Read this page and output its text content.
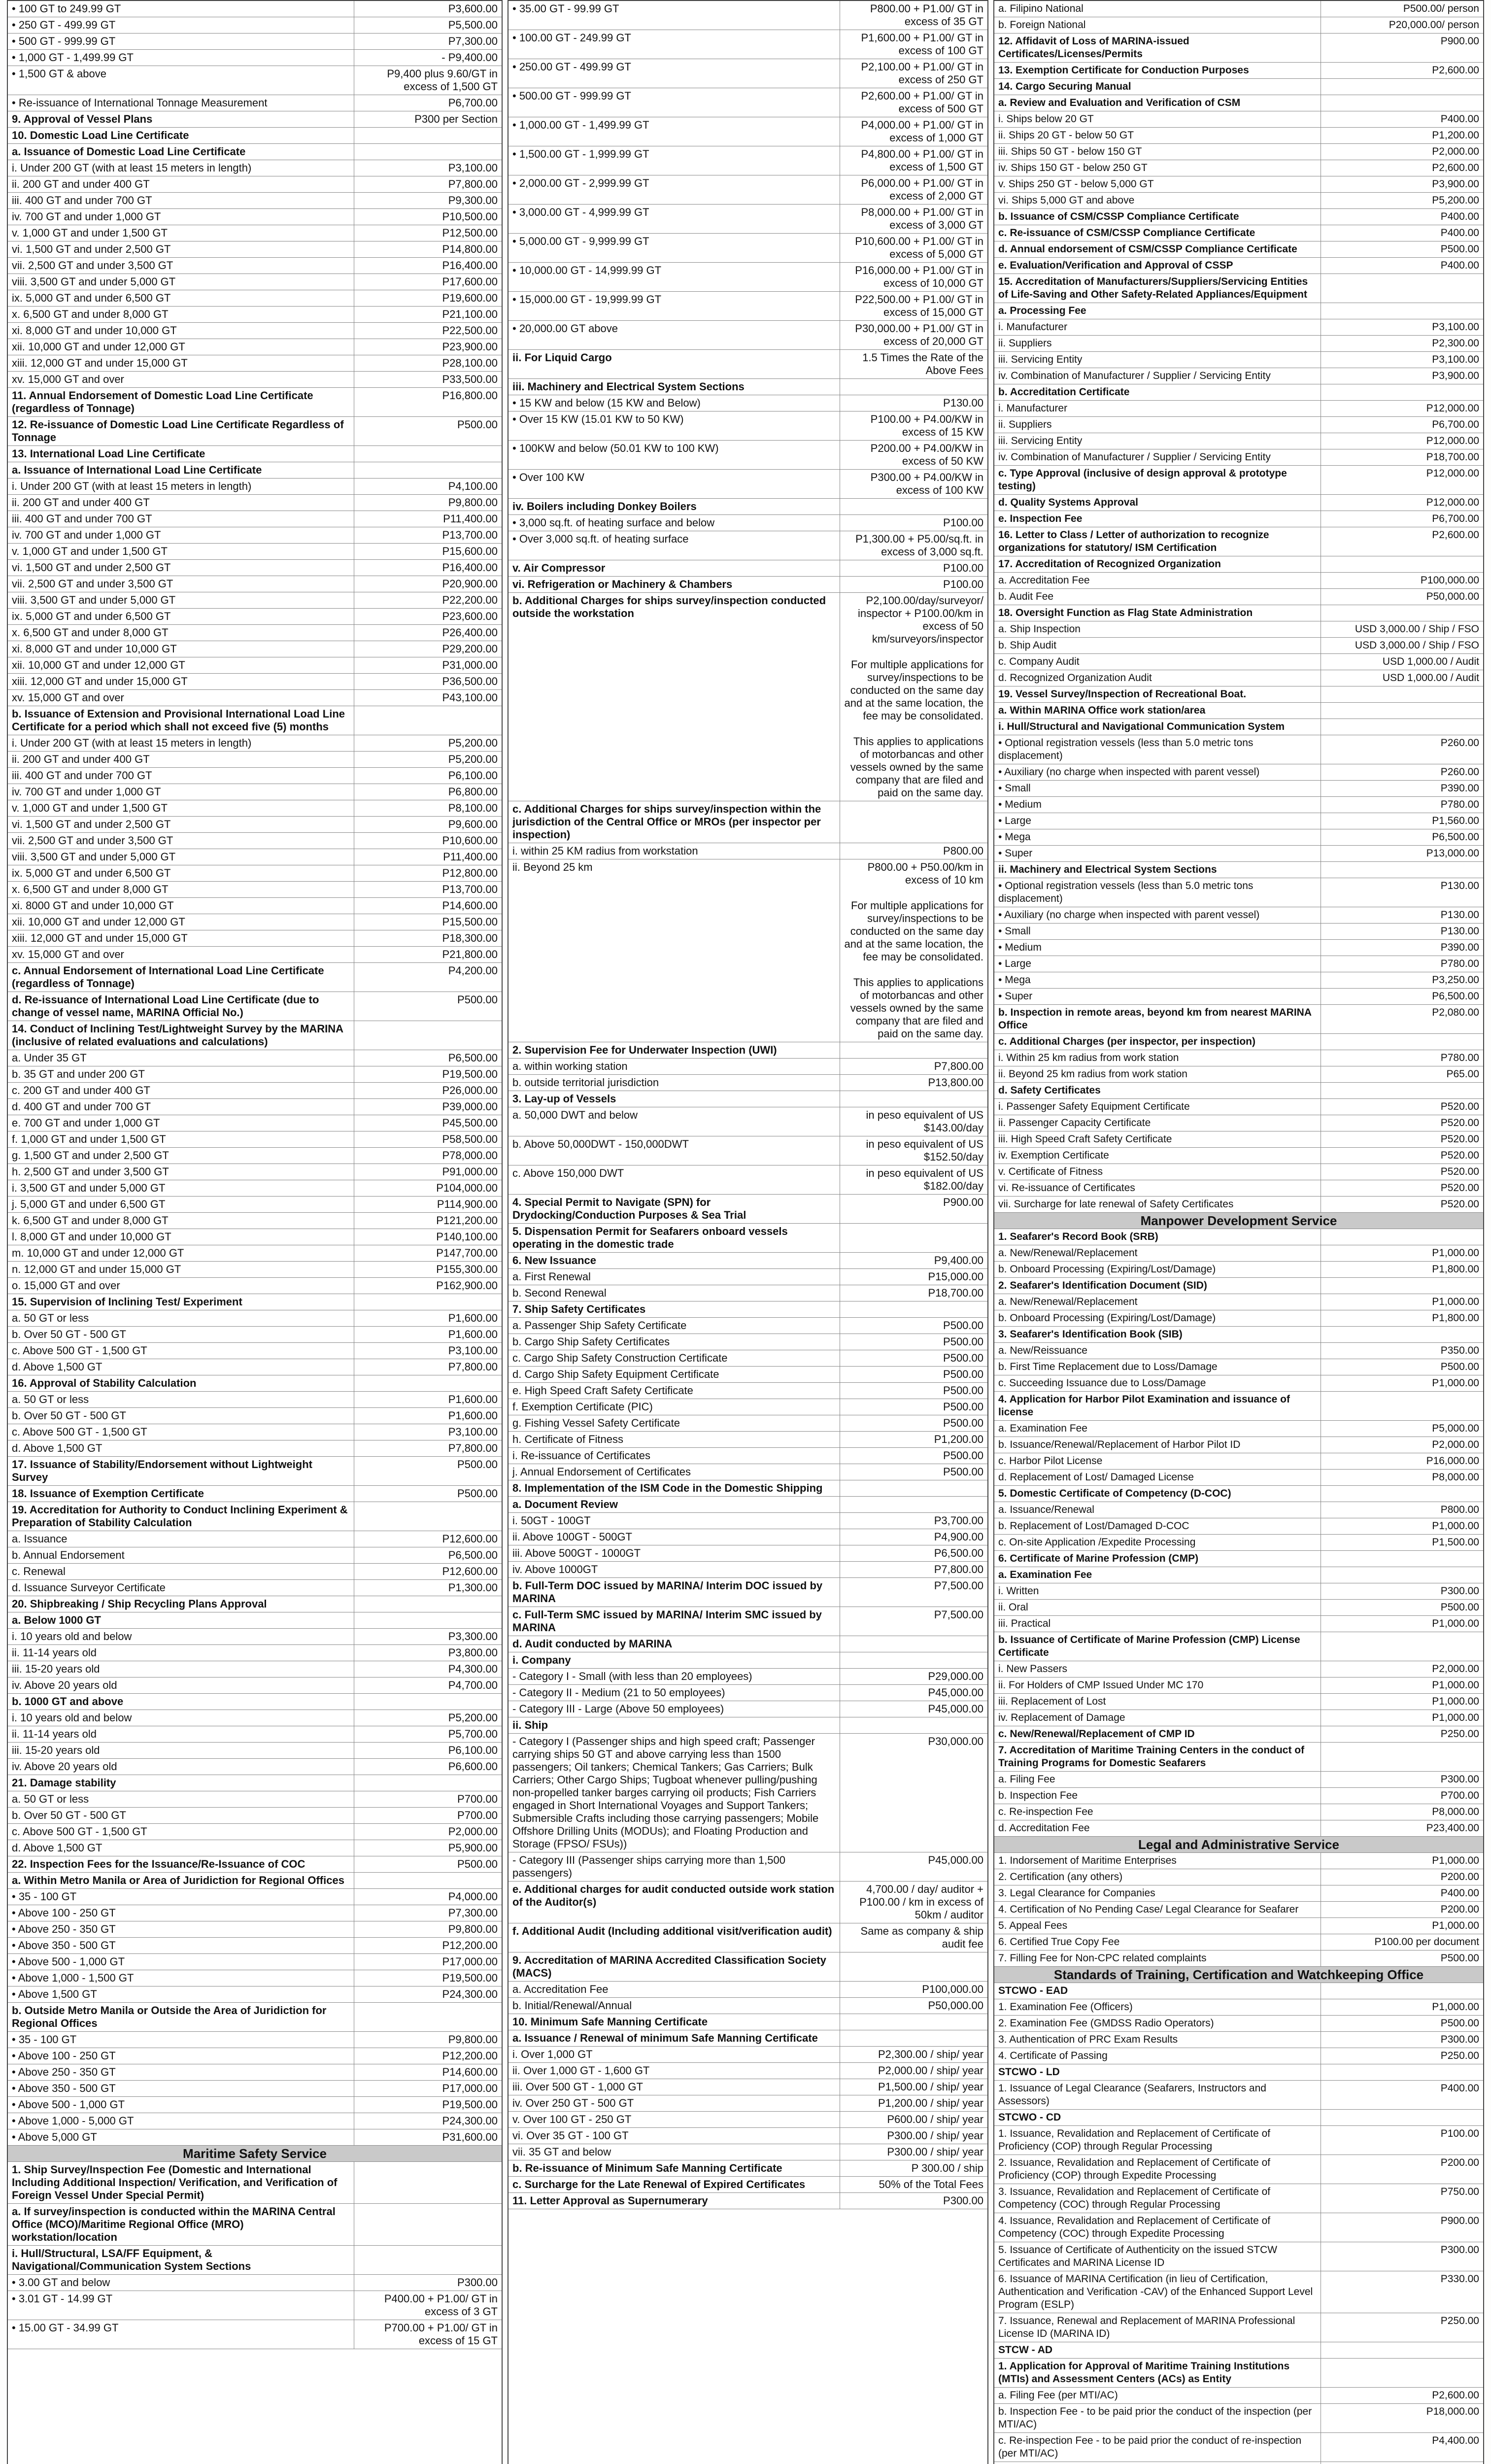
• 100 GT to 249.99 GT	P3,600.00
• 250 GT - 499.99 GT	P5,500.00
• 500 GT - 999.99 GT	P7,300.00
• 1,000 GT - 1,499.99 GT	- P9,400.00
• 1,500 GT & above	P9,400 plus 9.60/GT in excess of 1,500 GT
• Re-issuance of International Tonnage Measurement	P6,700.00
9. Approval of Vessel Plans	P300 per Section
10. Domestic Load Line Certificate
a. Issuance of Domestic Load Line Certificate
i. Under 200 GT (with at least 15 meters in length)	P3,100.00
ii. 200 GT and under 400 GT	P7,800.00
iii. 400 GT and under 700 GT	P9,300.00
iv. 700 GT and under 1,000 GT	P10,500.00
v. 1,000 GT and under 1,500 GT	P12,500.00
vi. 1,500 GT and under 2,500 GT	P14,800.00
vii. 2,500 GT and under 3,500 GT	P16,400.00
viii. 3,500 GT and under 5,000 GT	P17,600.00
ix. 5,000 GT and under 6,500 GT	P19,600.00
x. 6,500 GT and under 8,000 GT	P21,100.00
xi. 8,000 GT and under 10,000 GT	P22,500.00
xii. 10,000 GT and under 12,000 GT	P23,900.00
xiii. 12,000 GT and under 15,000 GT	P28,100.00
xv. 15,000 GT and over	P33,500.00
11. Annual Endorsement of Domestic Load Line Certificate (regardless of Tonnage)
P16,800.00
12. Re-issuance of Domestic Load Line Certificate Regardless of Tonnage
P500.00
13. International Load Line Certificate
a. Issuance of International Load Line Certificate
i. Under 200 GT (with at least 15 meters in length)	P4,100.00
ii. 200 GT and under 400 GT	P9,800.00
iii. 400 GT and under 700 GT	P11,400.00
iv. 700 GT and under 1,000 GT	P13,700.00
v. 1,000 GT and under 1,500 GT	P15,600.00
vi. 1,500 GT and under 2,500 GT	P16,400.00
vii. 2,500 GT and under 3,500 GT	P20,900.00
viii. 3,500 GT and under 5,000 GT	P22,200.00
ix. 5,000 GT and under 6,500 GT	P23,600.00
x. 6,500 GT and under 8,000 GT	P26,400.00
xi. 8,000 GT and under 10,000 GT	P29,200.00
xii. 10,000 GT and under 12,000 GT	P31,000.00
xiii. 12,000 GT and under 15,000 GT	P36,500.00
xv. 15,000 GT and over	P43,100.00
b. Issuance of Extension and Provisional International Load Line Certificate for a period which shall not exceed five (5) months
i. Under 200 GT (with at least 15 meters in length)	P5,200.00
ii. 200 GT and under 400 GT	P5,200.00
iii. 400 GT and under 700 GT	P6,100.00
iv. 700 GT and under 1,000 GT	P6,800.00
v. 1,000 GT and under 1,500 GT	P8,100.00
vi. 1,500 GT and under 2,500 GT	P9,600.00
vii. 2,500 GT and under 3,500 GT	P10,600.00
viii. 3,500 GT and under 5,000 GT	P11,400.00
ix. 5,000 GT and under 6,500 GT	P12,800.00
x. 6,500 GT and under 8,000 GT	P13,700.00
xi. 8000 GT and under 10,000 GT	P14,600.00
xii. 10,000 GT and under 12,000 GT	P15,500.00
xiii. 12,000 GT and under 15,000 GT	P18,300.00
xv. 15,000 GT and over	P21,800.00
c. Annual Endorsement of International Load Line Certificate (regardless of Tonnage)
P4,200.00
d. Re-issuance of International Load Line Certificate (due to change of vessel name, MARINA Official No.)
P500.00
14. Conduct of Inclining Test/Lightweight Survey by the MARINA (inclusive of related evaluations and calculations)
a. Under 35 GT	P6,500.00
b. 35 GT and under 200 GT	P19,500.00
c. 200 GT and under 400 GT	P26,000.00
d. 400 GT and under 700 GT	P39,000.00
e. 700 GT and under 1,000 GT	P45,500.00
f. 1,000 GT and under 1,500 GT	P58,500.00
g. 1,500 GT and under 2,500 GT	P78,000.00
h. 2,500 GT and under 3,500 GT	P91,000.00
i. 3,500 GT and under 5,000 GT	P104,000.00
j. 5,000 GT and under 6,500 GT	P114,900.00
k. 6,500 GT and under 8,000 GT	P121,200.00
l. 8,000 GT and under 10,000 GT	P140,100.00
m. 10,000 GT and under 12,000 GT	P147,700.00
n. 12,000 GT and under 15,000 GT	P155,300.00
o. 15,000 GT and over	P162,900.00
15. Supervision of Inclining Test/ Experiment
a. 50 GT or less	P1,600.00
b. Over 50 GT - 500 GT	P1,600.00
c. Above 500 GT - 1,500 GT	P3,100.00
d. Above 1,500 GT	P7,800.00
16. Approval of Stability Calculation
a. 50 GT or less	P1,600.00
b. Over 50 GT - 500 GT	P1,600.00
c. Above 500 GT - 1,500 GT	P3,100.00
d. Above 1,500 GT	P7,800.00
17. Issuance of Stability/Endorsement without Lightweight Survey
P500.00
18. Issuance of Exemption Certificate	P500.00
19. Accreditation for Authority to Conduct Inclining Experiment & Preparation of Stability Calculation
a. Issuance	P12,600.00
b. Annual Endorsement	P6,500.00
c. Renewal	P12,600.00
d. Issuance Surveyor Certificate	P1,300.00
20. Shipbreaking / Ship Recycling Plans Approval
a. Below 1000 GT
i. 10 years old and below	P3,300.00
ii. 11-14 years old	P3,800.00
iii. 15-20 years old	P4,300.00
iv. Above 20 years old	P4,700.00
b. 1000 GT and above
i. 10 years old and below	P5,200.00
ii. 11-14 years old	P5,700.00
iii. 15-20 years old	P6,100.00
iv. Above 20 years old	P6,600.00
21. Damage stability
a. 50 GT or less	P700.00
b. Over 50 GT - 500 GT	P700.00
c. Above 500 GT - 1,500 GT	P2,000.00
d. Above 1,500 GT	P5,900.00
22. Inspection Fees for the Issuance/Re-Issuance of COC	P500.00
a. Within Metro Manila or Area of Juridiction for Regional Offices
• 35 - 100 GT	P4,000.00
• Above 100 - 250 GT	P7,300.00
• Above 250 - 350 GT	P9,800.00
• Above 350 - 500 GT	P12,200.00
• Above 500 - 1,000 GT	P17,000.00
• Above 1,000 - 1,500 GT	P19,500.00
• Above 1,500 GT	P24,300.00
b. Outside Metro Manila or Outside the Area of Juridiction for Regional Offices
• 35 - 100 GT	P9,800.00
• Above 100 - 250 GT	P12,200.00
• Above 250 - 350 GT	P14,600.00
• Above 350 - 500 GT	P17,000.00
• Above 500 - 1,000 GT	P19,500.00
• Above 1,000 - 5,000 GT	P24,300.00
• Above 5,000 GT	P31,600.00
Maritime Safety Service
1. Ship Survey/Inspection Fee (Domestic and International Including Additional Inspection/ Verification, and Verification of Foreign Vessel Under Special Permit)
a. If survey/inspection is conducted within the MARINA Central Office (MCO)/Maritime Regional Office (MRO) workstation/location
i. Hull/Structural, LSA/FF Equipment, & Navigational/Communication System Sections
• 3.00 GT and below	P300.00
• 3.01 GT - 14.99 GT	P400.00 + P1.00/ GT in excess of 3 GT
• 15.00 GT - 34.99 GT	P700.00 + P1.00/ GT in excess of 15 GT
• 35.00 GT - 99.99 GT	P800.00 + P1.00/ GT in excess of 35 GT
• 100.00 GT - 249.99 GT	P1,600.00 + P1.00/ GT in excess of 100 GT
• 250.00 GT - 499.99 GT	P2,100.00 + P1.00/ GT in excess of 250 GT
• 500.00 GT - 999.99 GT	P2,600.00 + P1.00/ GT in excess of 500 GT
• 1,000.00 GT - 1,499.99 GT	P4,000.00 + P1.00/ GT in excess of 1,000 GT
• 1,500.00 GT - 1,999.99 GT	P4,800.00 + P1.00/ GT in excess of 1,500 GT
• 2,000.00 GT - 2,999.99 GT	P6,000.00 + P1.00/ GT in excess of 2,000 GT
• 3,000.00 GT - 4,999.99 GT	P8,000.00 + P1.00/ GT in excess of 3,000 GT
• 5,000.00 GT - 9,999.99 GT	P10,600.00 + P1.00/ GT in excess of 5,000 GT
• 10,000.00 GT - 14,999.99 GT	P16,000.00 + P1.00/ GT in excess of 10,000 GT
• 15,000.00 GT - 19,999.99 GT	P22,500.00 + P1.00/ GT in excess of 15,000 GT
• 20,000.00 GT above	P30,000.00 + P1.00/ GT in excess of 20,000 GT
ii. For Liquid Cargo	1.5 Times the Rate of the Above Fees
iii. Machinery and Electrical System Sections
• 15 KW and below (15 KW and Below)	P130.00
• Over 15 KW (15.01 KW to 50 KW)	P100.00 + P4.00/KW in excess of 15 KW
• 100KW and below (50.01 KW to 100 KW)	P200.00 + P4.00/KW in excess of 50 KW
• Over 100 KW	P300.00 + P4.00/KW in excess of 100 KW
iv. Boilers including Donkey Boilers
• 3,000 sq.ft. of heating surface and below	P100.00
• Over 3,000 sq.ft. of heating surface	P1,300.00 + P5.00/sq.ft. in excess of 3,000 sq.ft.
v. Air Compressor	P100.00
vi. Refrigeration or Machinery & Chambers	P100.00
b. Additional Charges for ships survey/inspection conducted outside the workstation
P2,100.00/day/surveyor/ inspector + P100.00/km in excess of 50 km/surveyors/inspector

For multiple applications for survey/inspections to be conducted on the same day and at the same location, the fee may be consolidated.

This applies to applications of motorbancas and other vessels owned by the same company that are filed and paid on the same day.
c. Additional Charges for ships survey/inspection within the jurisdiction of the Central Office or MROs (per inspector per inspection)
i. within 25 KM radius from workstation	P800.00
ii. Beyond 25 km	P800.00 + P50.00/km in excess of 10 km

For multiple applications for survey/inspections to be conducted on the same day and at the same location, the fee may be consolidated.

This applies to applications of motorbancas and other vessels owned by the same company that are filed and paid on the same day.
2. Supervision Fee for Underwater Inspection (UWI)
a. within working station	P7,800.00
b. outside territorial jurisdiction	P13,800.00
3. Lay-up of Vessels
a. 50,000 DWT and below	in peso equivalent of US $143.00/day
b. Above 50,000DWT - 150,000DWT	in peso equivalent of US $152.50/day
c. Above 150,000 DWT	in peso equivalent of US $182.00/day
4. Special Permit to Navigate (SPN) for Drydocking/Conduction Purposes & Sea Trial
P900.00
5. Dispensation Permit for Seafarers onboard vessels operating in the domestic trade
6. New Issuance	P9,400.00
a. First Renewal	P15,000.00
b. Second Renewal	P18,700.00
7. Ship Safety Certificates
a. Passenger Ship Safety Certificate	P500.00
b. Cargo Ship Safety Certificates	P500.00
c. Cargo Ship Safety Construction Certificate	P500.00
d. Cargo Ship Safety Equipment Certificate	P500.00
e. High Speed Craft Safety Certificate	P500.00
f. Exemption Certificate (PIC)	P500.00
g. Fishing Vessel Safety Certificate	P500.00
h. Certificate of Fitness	P1,200.00
i. Re-issuance of Certificates	P500.00
j. Annual Endorsement of Certificates	P500.00
8. Implementation of the ISM Code in the Domestic Shipping
a. Document Review
i. 50GT - 100GT	P3,700.00
ii. Above 100GT - 500GT	P4,900.00
iii. Above 500GT - 1000GT	P6,500.00
iv. Above 1000GT	P7,800.00
b. Full-Term DOC issued by MARINA/ Interim DOC issued by MARINA
P7,500.00
c. Full-Term SMC issued by MARINA/ Interim SMC issued by MARINA
P7,500.00
d. Audit conducted by MARINA
i. Company
- Category I - Small (with less than 20 employees)	P29,000.00
- Category II - Medium (21 to 50 employees)	P45,000.00
- Category III - Large (Above 50 employees)	P45,000.00
ii. Ship
- Category I (Passenger ships and high speed craft; Passenger carrying ships 50 GT and above carrying less than 1500 passengers; Oil tankers; Chemical Tankers; Gas Carriers; Bulk Carriers; Other Cargo Ships; Tugboat whenever pulling/pushing non-propelled tanker barges carrying oil products; Fish Carriers engaged in Short International Voyages and Support Tankers; Submersible Crafts including those carrying passengers; Mobile Offshore Drilling Units (MODUs); and Floating Production and Storage (FPSO/ FSUs))
P30,000.00
- Category III (Passenger ships carrying more than 1,500 passengers)
P45,000.00
e. Additional charges for audit conducted outside work station of the Auditor(s)
4,700.00 / day/ auditor + P100.00 / km in excess of 50km / auditor
f. Additional Audit (Including additional visit/verification audit)	Same as company & ship audit fee
9. Accreditation of MARINA Accredited Classification Society (MACS)
a. Accreditation Fee	P100,000.00
b. Initial/Renewal/Annual	P50,000.00
10. Minimum Safe Manning Certificate
a. Issuance / Renewal of minimum Safe Manning Certificate
i. Over 1,000 GT	P2,300.00 / ship/ year
ii. Over 1,000 GT - 1,600 GT	P2,000.00 / ship/ year
iii. Over 500 GT - 1,000 GT	P1,500.00 / ship/ year
iv. Over 250 GT - 500 GT	P1,200.00 / ship/ year
v. Over 100 GT - 250 GT	P600.00 / ship/ year
vi. Over 35 GT - 100 GT	P300.00 / ship/ year
vii. 35 GT and below	P300.00 / ship/ year
b. Re-issuance of Minimum Safe Manning Certificate	P 300.00 / ship
c. Surcharge for the Late Renewal of Expired Certificates	50% of the Total Fees
11. Letter Approval as Supernumerary	P300.00
a. Filipino National	P500.00/ person
b. Foreign National	P20,000.00/ person
12. Affidavit of Loss of MARINA-issued Certificates/Licenses/Permits
P900.00
13. Exemption Certificate for Conduction Purposes	P2,600.00
14. Cargo Securing Manual
a. Review and Evaluation and Verification of CSM
i. Ships below 20 GT	P400.00
ii. Ships 20 GT - below 50 GT	P1,200.00
iii. Ships 50 GT - below 150 GT	P2,000.00
iv. Ships 150 GT - below 250 GT	P2,600.00
v. Ships 250 GT - below 5,000 GT	P3,900.00
vi. Ships 5,000 GT and above	P5,200.00
b. Issuance of CSM/CSSP Compliance Certificate	P400.00
c. Re-issuance of CSM/CSSP Compliance Certificate	P400.00
d. Annual endorsement of CSM/CSSP Compliance Certificate	P500.00
e. Evaluation/Verification and Approval of CSSP	P400.00
15. Accreditation of Manufacturers/Suppliers/Servicing Entities of Life-Saving and Other Safety-Related Appliances/Equipment
a. Processing Fee
i. Manufacturer	P3,100.00
ii. Suppliers	P2,300.00
iii. Servicing Entity	P3,100.00
iv. Combination of Manufacturer / Supplier / Servicing Entity	P3,900.00
b. Accreditation Certificate
i. Manufacturer	P12,000.00
ii. Suppliers	P6,700.00
iii. Servicing Entity	P12,000.00
iv. Combination of Manufacturer / Supplier / Servicing Entity	P18,700.00
c. Type Approval (inclusive of design approval & prototype testing)
P12,000.00
d. Quality Systems Approval	P12,000.00
e. Inspection Fee	P6,700.00
16. Letter to Class / Letter of authorization to recognize organizations for statutory/ ISM Certification
P2,600.00
17. Accreditation of Recognized Organization
a. Accreditation Fee	P100,000.00
b. Audit Fee	P50,000.00
18. Oversight Function as Flag State Administration
a. Ship Inspection	USD 3,000.00 / Ship / FSO
b. Ship Audit	USD 3,000.00 / Ship / FSO
c. Company Audit	USD 1,000.00 / Audit
d. Recognized Organization Audit	USD 1,000.00 / Audit
19. Vessel Survey/Inspection of Recreational Boat.
a. Within MARINA Office work station/area
i. Hull/Structural and Navigational Communication System
• Optional registration vessels (less than 5.0 metric tons displacement)
P260.00
• Auxiliary (no charge when inspected with parent vessel)	P260.00
• Small	P390.00
• Medium	P780.00
• Large	P1,560.00
• Mega	P6,500.00
• Super	P13,000.00
ii. Machinery and Electrical System Sections
• Optional registration vessels (less than 5.0 metric tons displacement)
P130.00
• Auxiliary (no charge when inspected with parent vessel)	P130.00
• Small	P130.00
• Medium	P390.00
• Large	P780.00
• Mega	P3,250.00
• Super	P6,500.00
b. Inspection in remote areas, beyond km from nearest MARINA Office
P2,080.00
c. Additional Charges (per inspector, per inspection)
i. Within 25 km radius from work station	P780.00
ii. Beyond 25 km radius from work station	P65.00
d. Safety Certificates
i. Passenger Safety Equipment Certificate	P520.00
ii. Passenger Capacity Certificate	P520.00
iii. High Speed Craft Safety Certificate	P520.00
iv. Exemption Certificate	P520.00
v. Certificate of Fitness	P520.00
vi. Re-issuance of Certificates	P520.00
vii. Surcharge for late renewal of Safety Certificates	P520.00
Manpower Development Service
1. Seafarer's Record Book (SRB)
a. New/Renewal/Replacement	P1,000.00
b. Onboard Processing (Expiring/Lost/Damage)	P1,800.00
2. Seafarer's Identification Document (SID)
a. New/Renewal/Replacement	P1,000.00
b. Onboard Processing (Expiring/Lost/Damage)	P1,800.00
3. Seafarer's Identification Book (SIB)
a. New/Reissuance	P350.00
b. First Time Replacement due to Loss/Damage	P500.00
c. Succeeding Issuance due to Loss/Damage	P1,000.00
4. Application for Harbor Pilot Examination and issuance of license
a. Examination Fee	P5,000.00
b. Issuance/Renewal/Replacement of Harbor Pilot ID	P2,000.00
c. Harbor Pilot License	P16,000.00
d. Replacement of Lost/ Damaged License	P8,000.00
5. Domestic Certificate of Competency (D-COC)
a. Issuance/Renewal	P800.00
b. Replacement of Lost/Damaged D-COC	P1,000.00
c. On-site Application /Expedite Processing	P1,500.00
6. Certificate of Marine Profession (CMP)
a. Examination Fee
i. Written	P300.00
ii. Oral	P500.00
iii. Practical	P1,000.00
b. Issuance of Certificate of Marine Profession (CMP) License Certificate
i. New Passers	P2,000.00
ii. For Holders of CMP Issued Under MC 170	P1,000.00
iii. Replacement of Lost	P1,000.00
iv. Replacement of Damage	P1,000.00
c. New/Renewal/Replacement of CMP ID	P250.00
7. Accreditation of Maritime Training Centers in the conduct of Training Programs for Domestic Seafarers
a. Filing Fee	P300.00
b. Inspection Fee	P700.00
c. Re-inspection Fee	P8,000.00
d. Accreditation Fee	P23,400.00
Legal and Administrative Service
1. Indorsement of Maritime Enterprises	P1,000.00
2. Certification (any others)	P200.00
3. Legal Clearance for Companies	P400.00
4. Certification of No Pending Case/ Legal Clearance for Seafarer	P200.00
5. Appeal Fees	P1,000.00
6. Certified True Copy Fee	P100.00 per document
7. Filling Fee for Non-CPC related complaints	P500.00
Standards of Training, Certification and Watchkeeping Office
STCWO - EAD
1. Examination Fee (Officers)	P1,000.00
2. Examination Fee (GMDSS Radio Operators)	P500.00
3. Authentication of PRC Exam Results	P300.00
4. Certificate of Passing	P250.00
STCWO - LD
1. Issuance of Legal Clearance (Seafarers, Instructors and Assessors)
P400.00
STCWO - CD
1. Issuance, Revalidation and Replacement of Certificate of Proficiency (COP) through Regular Processing
P100.00
2. Issuance, Revalidation and Replacement of Certificate of Proficiency (COP) through Expedite Processing
P200.00
3. Issuance, Revalidation and Replacement of Certificate of Competency (COC) through Regular Processing
P750.00
4. Issuance, Revalidation and Replacement of Certificate of Competency (COC) through Expedite Processing
P900.00
5. Issuance of Certificate of Authenticity on the issued STCW Certificates and MARINA License ID
P300.00
6. Issuance of MARINA Certification (in lieu of Certification, Authentication and Verification -CAV) of the Enhanced Support Level Program (ESLP)
P330.00
7. Issuance, Renewal and Replacement of MARINA Professional License ID (MARINA ID)
P250.00
STCW - AD
1. Application for Approval of Maritime Training Institutions (MTIs) and Assessment Centers (ACs) as Entity
a. Filing Fee (per MTI/AC)	P2,600.00
b. Inspection Fee - to be paid prior the conduct of the inspection (per MTI/AC)
P18,000.00
c. Re-inspection Fee - to be paid prior the conduct of re-inspection (per MTI/AC)
P4,400.00
